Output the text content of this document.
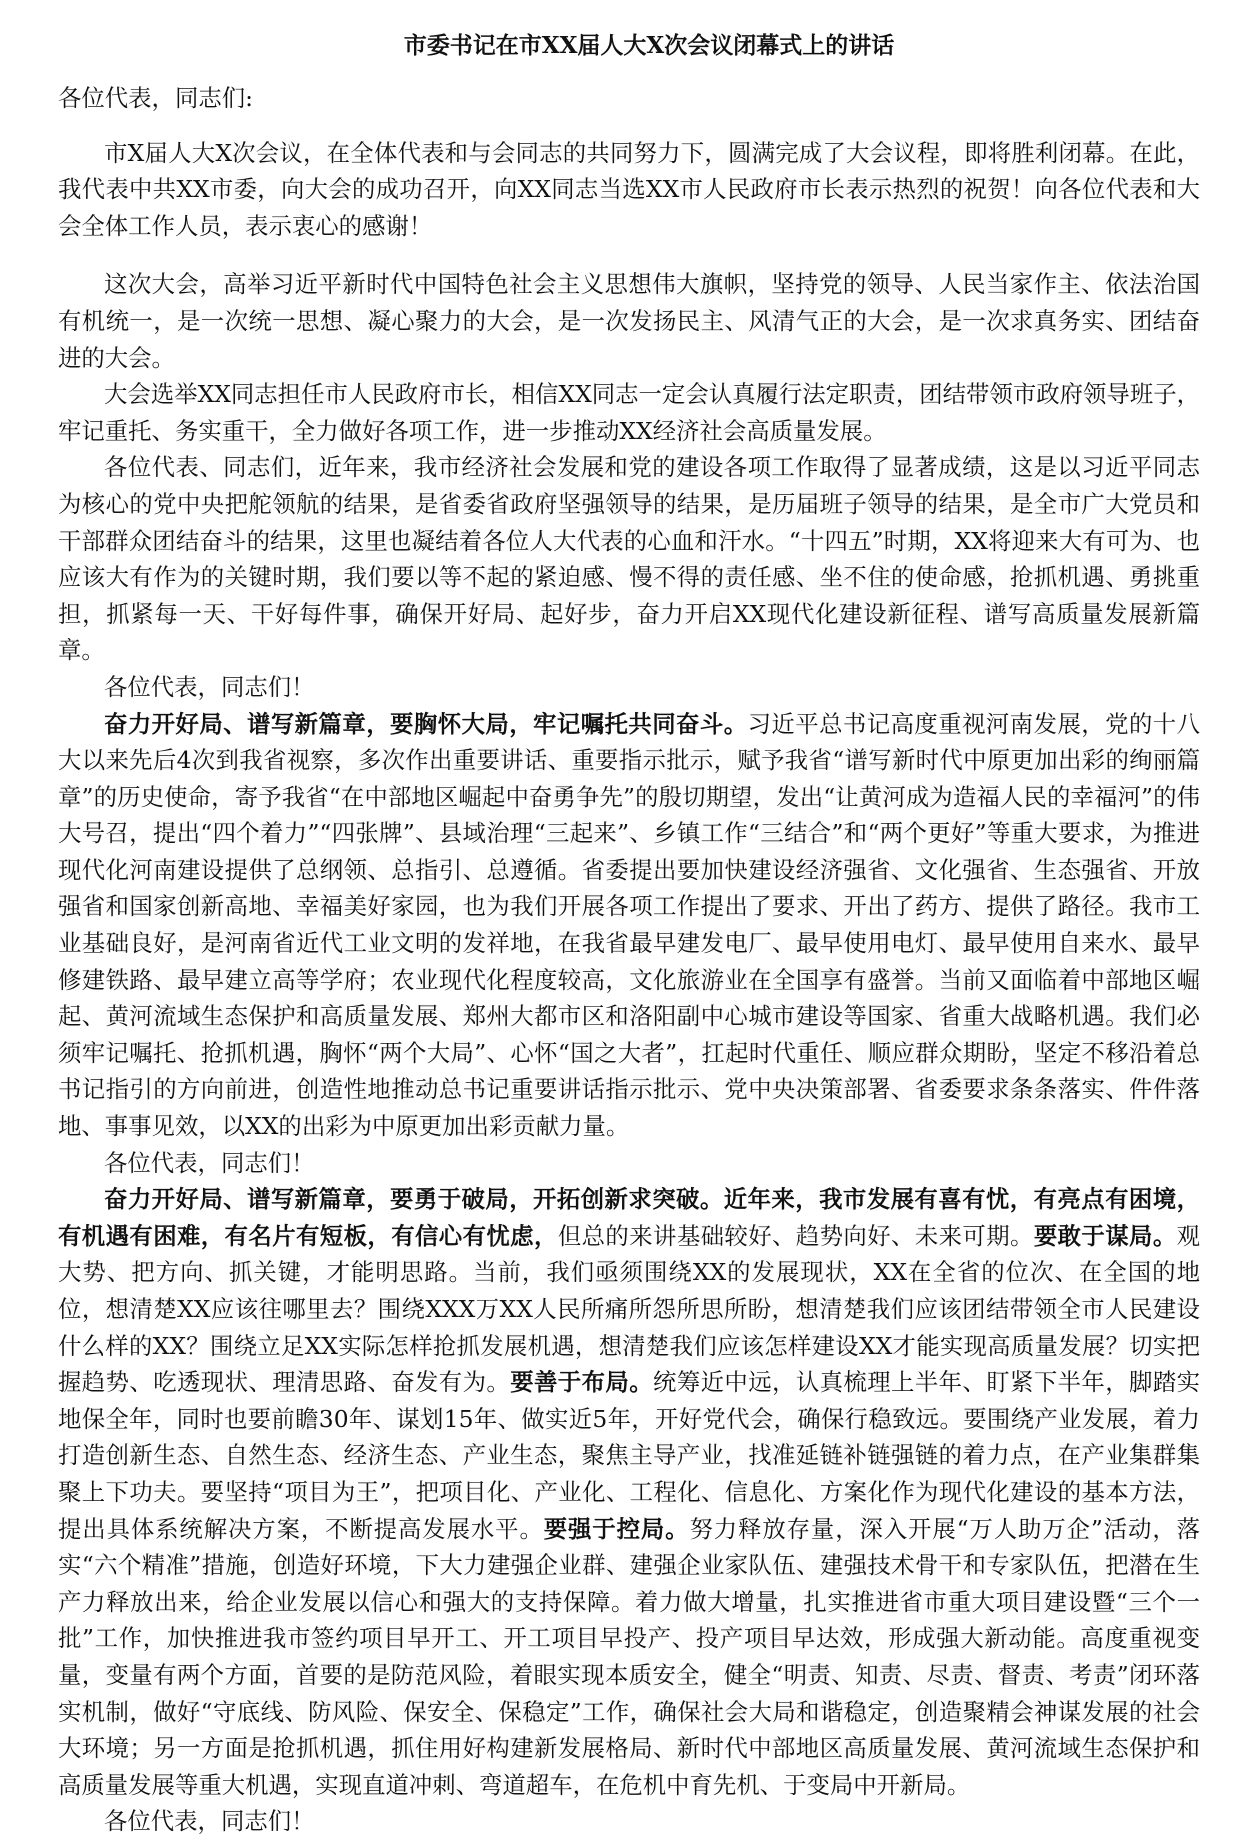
市委书记在市XX届人大X次会议闭幕式上的讲话
各位代表，同志们:

市X届人大X次会议，在全体代表和与会同志的共同努力下，圆满完成了大会议程，即将胜利闭幕。在此，我代表中共XX市委，向大会的成功召开，向XX同志当选XX市人民政府市长表示热烈的祝贺！向各位代表和大会全体工作人员，表示衷心的感谢！

这次大会，高举习近平新时代中国特色社会主义思想伟大旗帜，坚持党的领导、人民当家作主、依法治国有机统一，是一次统一思想、凝心聚力的大会，是一次发扬民主、风清气正的大会，是一次求真务实、团结奋进的大会。

大会选举XX同志担任市人民政府市长，相信XX同志一定会认真履行法定职责，团结带领市政府领导班子，牢记重托、务实重干，全力做好各项工作，进一步推动XX经济社会高质量发展。

各位代表、同志们，近年来，我市经济社会发展和党的建设各项工作取得了显著成绩，这是以习近平同志为核心的党中央把舵领航的结果，是省委省政府坚强领导的结果，是历届班子领导的结果，是全市广大党员和干部群众团结奋斗的结果，这里也凝结着各位人大代表的心血和汗水。“十四五”时期，XX将迎来大有可为、也应该大有作为的关键时期，我们要以等不起的紧迫感、慢不得的责任感、坐不住的使命感，抢抓机遇、勇挑重担，抓紧每一天、干好每件事，确保开好局、起好步，奋力开启XX现代化建设新征程、谱写高质量发展新篇章。

各位代表，同志们！

奋力开好局、谱写新篇章，要胸怀大局，牢记嘱托共同奋斗。习近平总书记高度重视河南发展，党的十八大以来先后4次到我省视察，多次作出重要讲话、重要指示批示，赋予我省“谱写新时代中原更加出彩的绚丽篇章”的历史使命，寄予我省“在中部地区崛起中奋勇争先”的殷切期望，发出“让黄河成为造福人民的幸福河”的伟大号召，提出“四个着力”“四张牌”、县域治理“三起来”、乡镇工作“三结合”和“两个更好”等重大要求，为推进现代化河南建设提供了总纲领、总指引、总遵循。省委提出要加快建设经济强省、文化强省、生态强省、开放强省和国家创新高地、幸福美好家园，也为我们开展各项工作提出了要求、开出了药方、提供了路径。我市工业基础良好，是河南省近代工业文明的发祥地，在我省最早建发电厂、最早使用电灯、最早使用自来水、最早修建铁路、最早建立高等学府；农业现代化程度较高，文化旅游业在全国享有盛誉。当前又面临着中部地区崛起、黄河流域生态保护和高质量发展、郑州大都市区和洛阳副中心城市建设等国家、省重大战略机遇。我们必须牢记嘱托、抢抓机遇，胸怀“两个大局”、心怀“国之大者”，扛起时代重任、顺应群众期盼，坚定不移沿着总书记指引的方向前进，创造性地推动总书记重要讲话指示批示、党中央决策部署、省委要求条条落实、件件落地、事事见效，以XX的出彩为中原更加出彩贡献力量。

各位代表，同志们！

奋力开好局、谱写新篇章，要勇于破局，开拓创新求突破。近年来，我市发展有喜有忧，有亮点有困境，有机遇有困难，有名片有短板，有信心有忧虑，但总的来讲基础较好、趋势向好、未来可期。要敢于谋局。观大势、把方向、抓关键，才能明思路。当前，我们亟须围绕XX的发展现状，XX在全省的位次、在全国的地位，想清楚XX应该往哪里去？围绕XXX万XX人民所痛所怨所思所盼，想清楚我们应该团结带领全市人民建设什么样的XX？围绕立足XX实际怎样抢抓发展机遇，想清楚我们应该怎样建设XX才能实现高质量发展？切实把握趋势、吃透现状、理清思路、奋发有为。要善于布局。统筹近中远，认真梳理上半年、盯紧下半年，脚踏实地保全年，同时也要前瞻30年、谋划15年、做实近5年，开好党代会，确保行稳致远。要围绕产业发展，着力打造创新生态、自然生态、经济生态、产业生态，聚焦主导产业，找准延链补链强链的着力点，在产业集群集聚上下功夫。要坚持“项目为王”，把项目化、产业化、工程化、信息化、方案化作为现代化建设的基本方法，提出具体系统解决方案，不断提高发展水平。要强于控局。努力释放存量，深入开展“万人助万企”活动，落实“六个精准”措施，创造好环境，下大力建强企业群、建强企业家队伍、建强技术骨干和专家队伍，把潜在生产力释放出来，给企业发展以信心和强大的支持保障。着力做大增量，扎实推进省市重大项目建设暨“三个一批”工作，加快推进我市签约项目早开工、开工项目早投产、投产项目早达效，形成强大新动能。高度重视变量，变量有两个方面，首要的是防范风险，着眼实现本质安全，健全“明责、知责、尽责、督责、考责”闭环落实机制，做好“守底线、防风险、保安全、保稳定”工作，确保社会大局和谐稳定，创造聚精会神谋发展的社会大环境；另一方面是抢抓机遇，抓住用好构建新发展格局、新时代中部地区高质量发展、黄河流域生态保护和高质量发展等重大机遇，实现直道冲刺、弯道超车，在危机中育先机、于变局中开新局。

各位代表，同志们！
